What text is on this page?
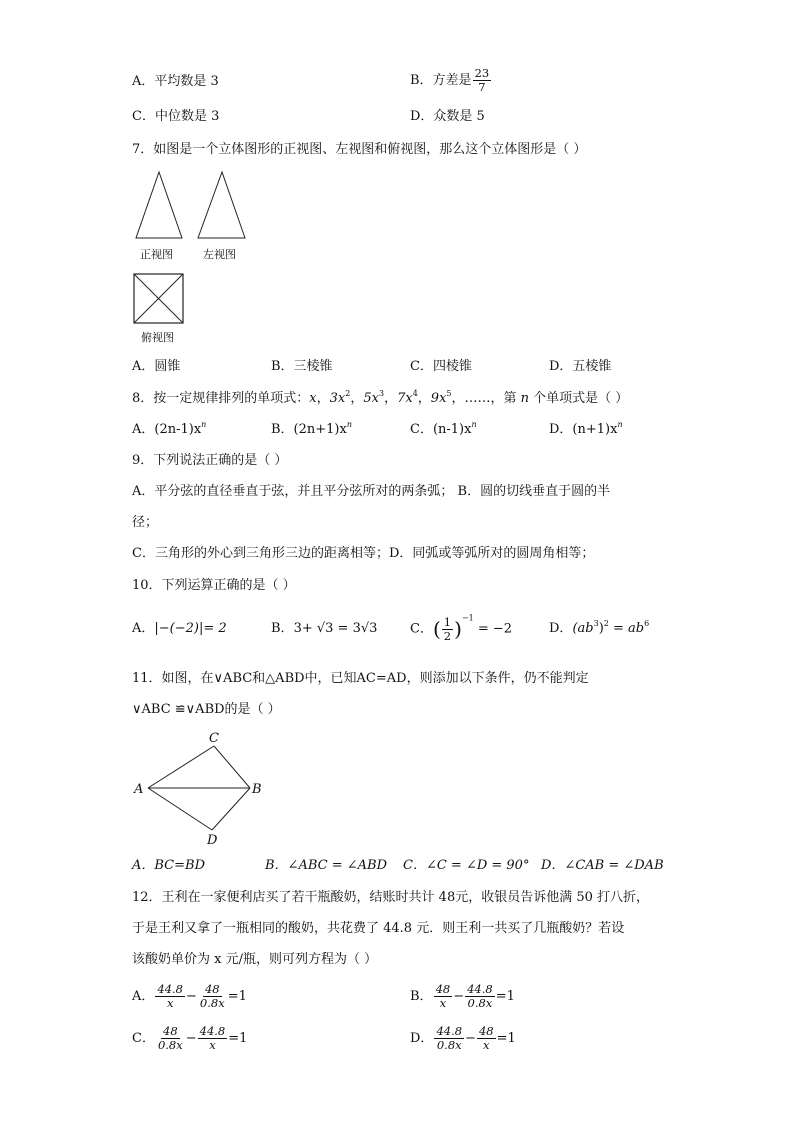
A．平均数是 3	B．方差是 $\frac{23}{7}$
C．中位数是 3	D．众数是 5
7．如图是一个立体图形的正视图、左视图和俯视图，那么这个立体图形是（ ）
正视图	左视图
俯视图
A．圆锥	B．三棱锥	C．四棱锥	D．五棱锥
8．按一定规律排列的单项式：x，$3x^2$，$5x^3$，$7x^4$，$9x^5$，……，第 n 个单项式是（ ）
A．$(2n-1)x^n$	B．$(2n+1)x^n$	C．$(n-1)x^n$	D．$(n+1)x^n$
9．下列说法正确的是（ ）
A．平分弦的直径垂直于弦，并且平分弦所对的两条弧； B．圆的切线垂直于圆的半
径；
C．三角形的外心到三角形三边的距离相等；D．同弧或等弧所对的圆周角相等；
10．下列运算正确的是（ ）
A．|−(−2)|= 2	B．3+ √3 = 3√3	C．( $\frac{1}{2} )^{-1} = -2$	D．$(ab^3)^2 = ab^6$
11．如图，在∨ABC和△ABD中，已知AC=AD，则添加以下条件，仍不能判定
∨ABC ≌∨ABD的是（ ）
C
A	B
D
A．BC=BD	B．∠ABC = ∠ABD C．∠C = ∠D = 90° D．∠CAB = ∠DAB
12．王利在一家便利店买了若干瓶酸奶，结账时共计 48元，收银员告诉他满 50 打八折，
于是王利又拿了一瓶相同的酸奶，共花费了 44.8 元．则王利一共买了几瓶酸奶？若设
该酸奶单价为 x 元/瓶，则可列方程为（ ）
A． $\frac{44.8}{x} - \frac{48}{0.8x} =1$	B． $\frac{48}{x} - \frac{44.8}{0.8x} =1$
C． $\frac{48}{0.8x} - \frac{44.8}{x} =1$	D． $\frac{44.8}{0.8x} - \frac{48}{x} =1$
